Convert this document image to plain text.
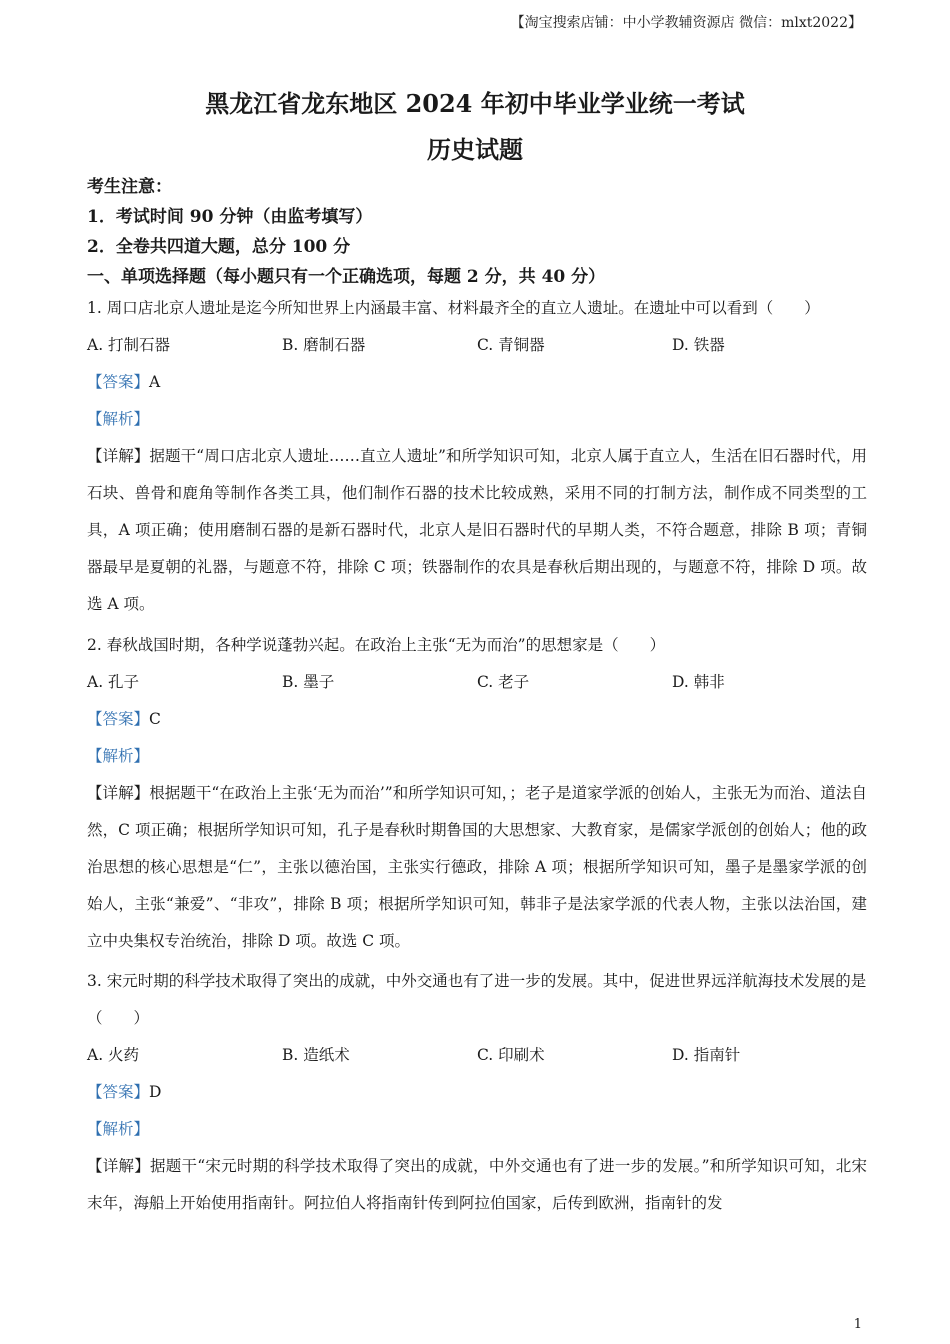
【淘宝搜索店铺：中小学教辅资源店 微信：mlxt2022】
黑龙江省龙东地区 2024 年初中毕业学业统一考试
历史试题
考生注意：
1．考试时间 90 分钟（由监考填写）
2．全卷共四道大题，总分 100 分
一、单项选择题（每小题只有一个正确选项，每题 2 分，共 40 分）
1. 周口店北京人遗址是迄今所知世界上内涵最丰富、材料最齐全的直立人遗址。在遗址中可以看到（　　）
A. 打制石器	B. 磨制石器	C. 青铜器	D. 铁器
【答案】A
【解析】
【详解】据题干“周口店北京人遗址……直立人遗址”和所学知识可知，北京人属于直立人，生活在旧石器时代，用石块、兽骨和鹿角等制作各类工具，他们制作石器的技术比较成熟，采用不同的打制方法，制作成不同类型的工具，A 项正确；使用磨制石器的是新石器时代，北京人是旧石器时代的早期人类，不符合题意，排除 B 项；青铜器最早是夏朝的礼器，与题意不符，排除 C 项；铁器制作的农具是春秋后期出现的，与题意不符，排除 D 项。故选 A 项。
2. 春秋战国时期，各种学说蓬勃兴起。在政治上主张“无为而治”的思想家是（　　）
A. 孔子	B. 墨子	C. 老子	D. 韩非
【答案】C
【解析】
【详解】根据题干“在政治上主张‘无为而治’”和所学知识可知，；老子是道家学派的创始人，主张无为而治、道法自然，C 项正确；根据所学知识可知，孔子是春秋时期鲁国的大思想家、大教育家，是儒家学派创的创始人；他的政治思想的核心思想是“仁”，主张以德治国，主张实行德政，排除 A 项；根据所学知识可知，墨子是墨家学派的创始人，主张“兼爱”、“非攻”，排除 B 项；根据所学知识可知，韩非子是法家学派的代表人物，主张以法治国，建立中央集权专治统治，排除 D 项。故选 C 项。
3. 宋元时期的科学技术取得了突出的成就，中外交通也有了进一步的发展。其中，促进世界远洋航海技术发展的是（　　）
A. 火药	B. 造纸术	C. 印刷术	D. 指南针
【答案】D
【解析】
【详解】据题干“宋元时期的科学技术取得了突出的成就，中外交通也有了进一步的发展。”和所学知识可知，北宋末年，海船上开始使用指南针。阿拉伯人将指南针传到阿拉伯国家，后传到欧洲，指南针的发
1
